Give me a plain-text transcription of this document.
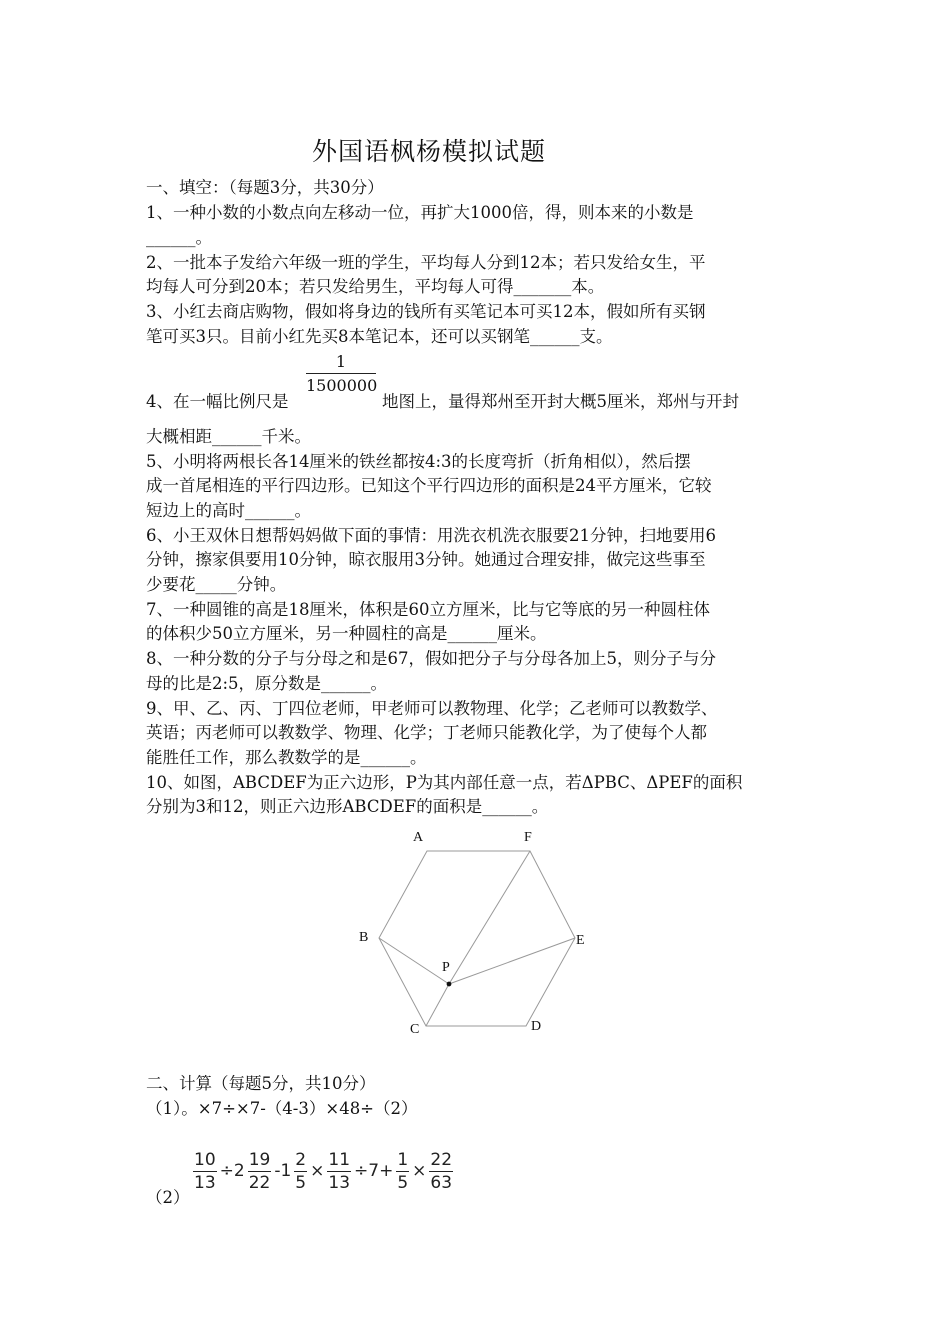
外国语枫杨模拟试题
一、填空：（每题3分，共30分）
1、一种小数的小数点向左移动一位，再扩大1000倍，得，则本来的小数是
______。
2、一批本子发给六年级一班的学生，平均每人分到12本；若只发给女生，平
均每人可分到20本；若只发给男生，平均每人可得_______本。
3、小红去商店购物，假如将身边的钱所有买笔记本可买12本，假如所有买钢
笔可买3只。目前小红先买8本笔记本，还可以买钢笔______支。
$\frac{1}{1500000}$
4、在一幅比例尺是	地图上，量得郑州至开封大概5厘米，郑州与开封
大概相距______千米。
5、小明将两根长各14厘米的铁丝都按4:3的长度弯折（折角相似），然后摆
成一首尾相连的平行四边形。已知这个平行四边形的面积是24平方厘米，它较
短边上的高时______。
6、小王双休日想帮妈妈做下面的事情：用洗衣机洗衣服要21分钟，扫地要用6
分钟，擦家俱要用10分钟，晾衣服用3分钟。她通过合理安排，做完这些事至
少要花_____分钟。
7、一种圆锥的高是18厘米，体积是60立方厘米，比与它等底的另一种圆柱体
的体积少50立方厘米，另一种圆柱的高是______厘米。
8、一种分数的分子与分母之和是67，假如把分子与分母各加上5，则分子与分
母的比是2:5，原分数是______。
9、甲、乙、丙、丁四位老师，甲老师可以教物理、化学；乙老师可以教数学、
英语；丙老师可以教数学、物理、化学；丁老师只能教化学，为了使每个人都
能胜任工作，那么教数学的是______。
10、如图，ABCDEF为正六边形，P为其内部任意一点，若ΔPBC、ΔPEF的面积
分别为3和12，则正六边形ABCDEF的面积是______。
A	F
B	E
P
C	D
二、计算（每题5分，共10分）
（1）。×7÷×7-（4-3）×48÷（2）
$\frac{10}{13} \div 2 \frac{19}{22} -1 \frac{2}{5} \times \frac{11}{13} \div 7+ \frac{1}{5} \times \frac{22}{63}$
（2）
